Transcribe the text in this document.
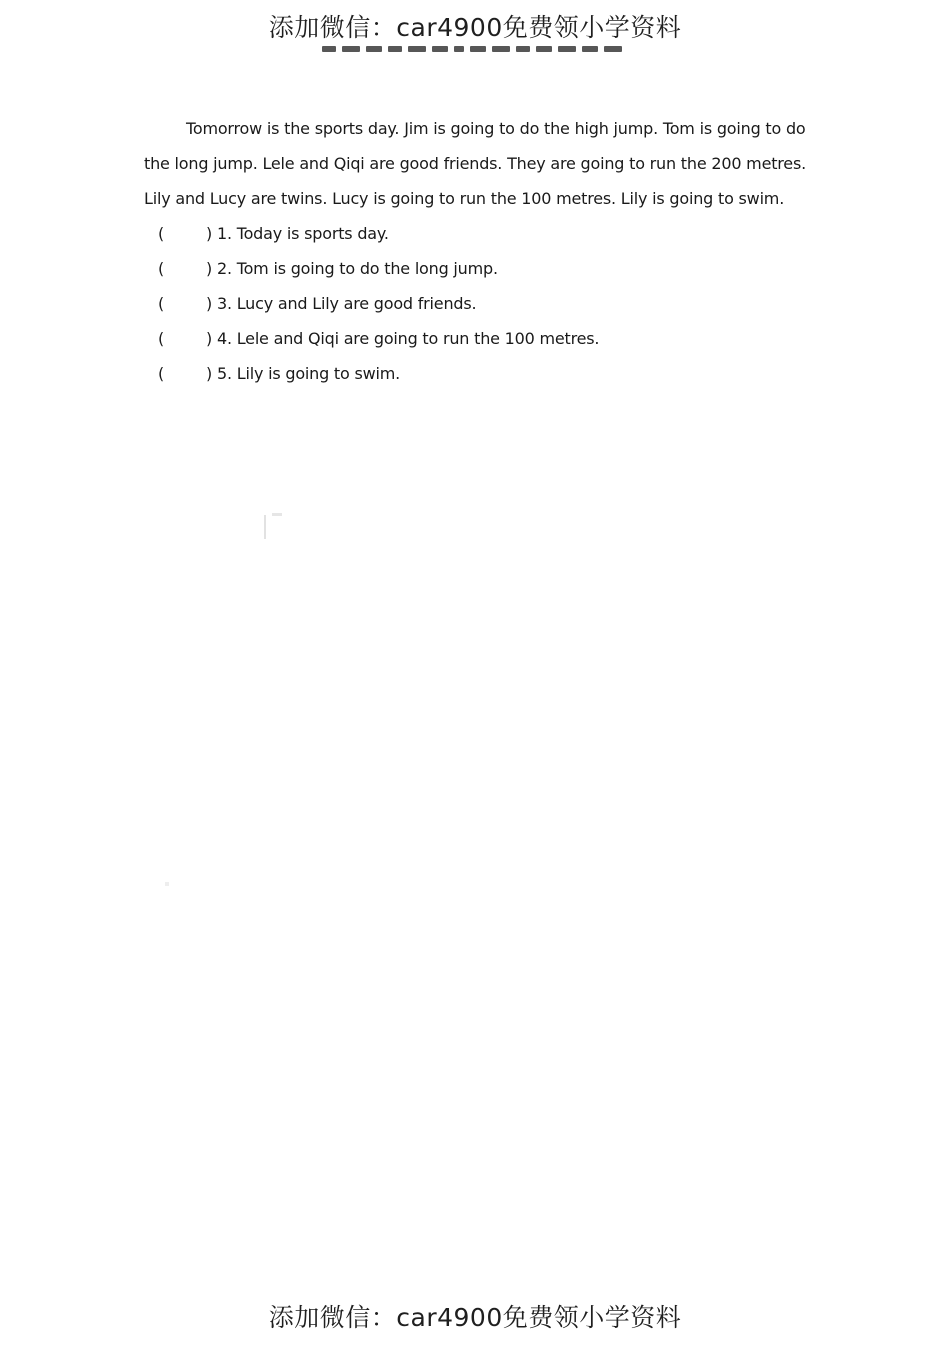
添加微信：car4900免费领小学资料

Tomorrow is the sports day. Jim is going to do the high jump. Tom is going to do the long jump. Lele and Qiqi are good friends. They are going to run the 200 metres. Lily and Lucy are twins. Lucy is going to run the 100 metres. Lily is going to swim.

(	) 1. Today is sports day.
(	) 2. Tom is going to do the long jump.
(	) 3. Lucy and Lily are good friends.
(	) 4. Lele and Qiqi are going to run the 100 metres.
(	) 5. Lily is going to swim.
添加微信：car4900免费领小学资料
